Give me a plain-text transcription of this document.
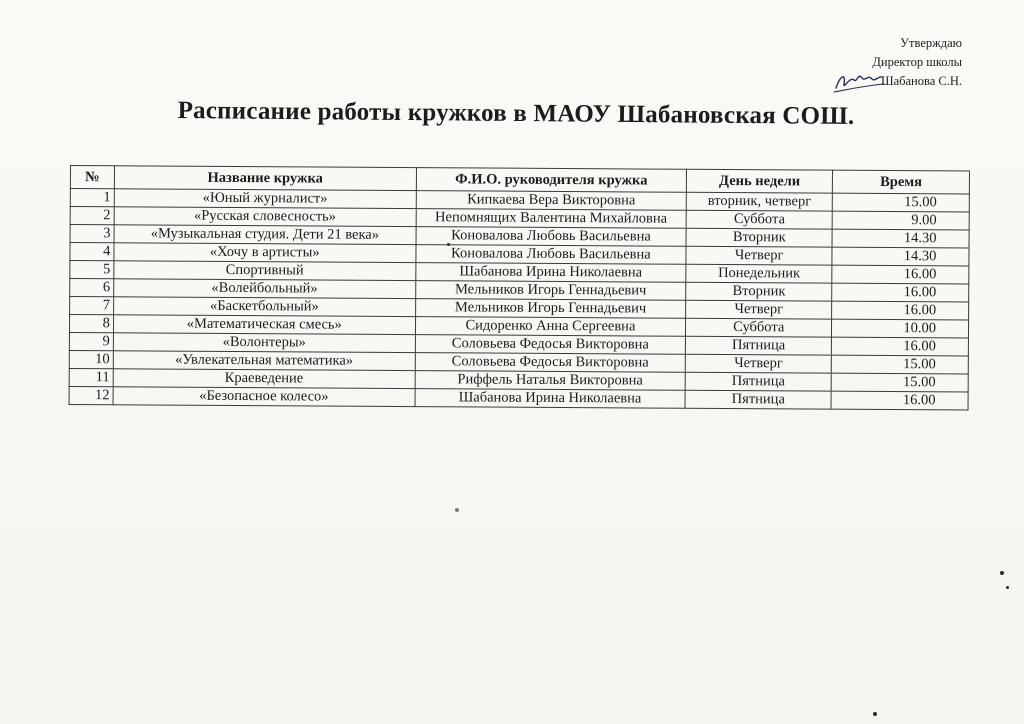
Утверждаю
Директор школы
Шабанова С.Н.
Расписание работы кружков в МАОУ Шабановская СОШ.
№	Название кружка	Ф.И.О. руководителя кружка	День недели	Время
1	«Юный журналист»	Кипкаева Вера Викторовна	вторник, четверг	15.00
2	«Русская словесность»	Непомнящих Валентина Михайловна	Суббота	9.00
3	«Музыкальная студия. Дети 21 века»	Коновалова Любовь Васильевна	Вторник	14.30
4	«Хочу в артисты»	Коновалова Любовь Васильевна	Четверг	14.30
5	Спортивный	Шабанова Ирина Николаевна	Понедельник	16.00
6	«Волейбольный»	Мельников Игорь Геннадьевич	Вторник	16.00
7	«Баскетбольный»	Мельников Игорь Геннадьевич	Четверг	16.00
8	«Математическая смесь»	Сидоренко Анна Сергеевна	Суббота	10.00
9	«Волонтеры»	Соловьева Федосья Викторовна	Пятница	16.00
10	«Увлекательная математика»	Соловьева Федосья Викторовна	Четверг	15.00
11	Краеведение	Риффель Наталья Викторовна	Пятница	15.00
12	«Безопасное колесо»	Шабанова Ирина Николаевна	Пятница	16.00
